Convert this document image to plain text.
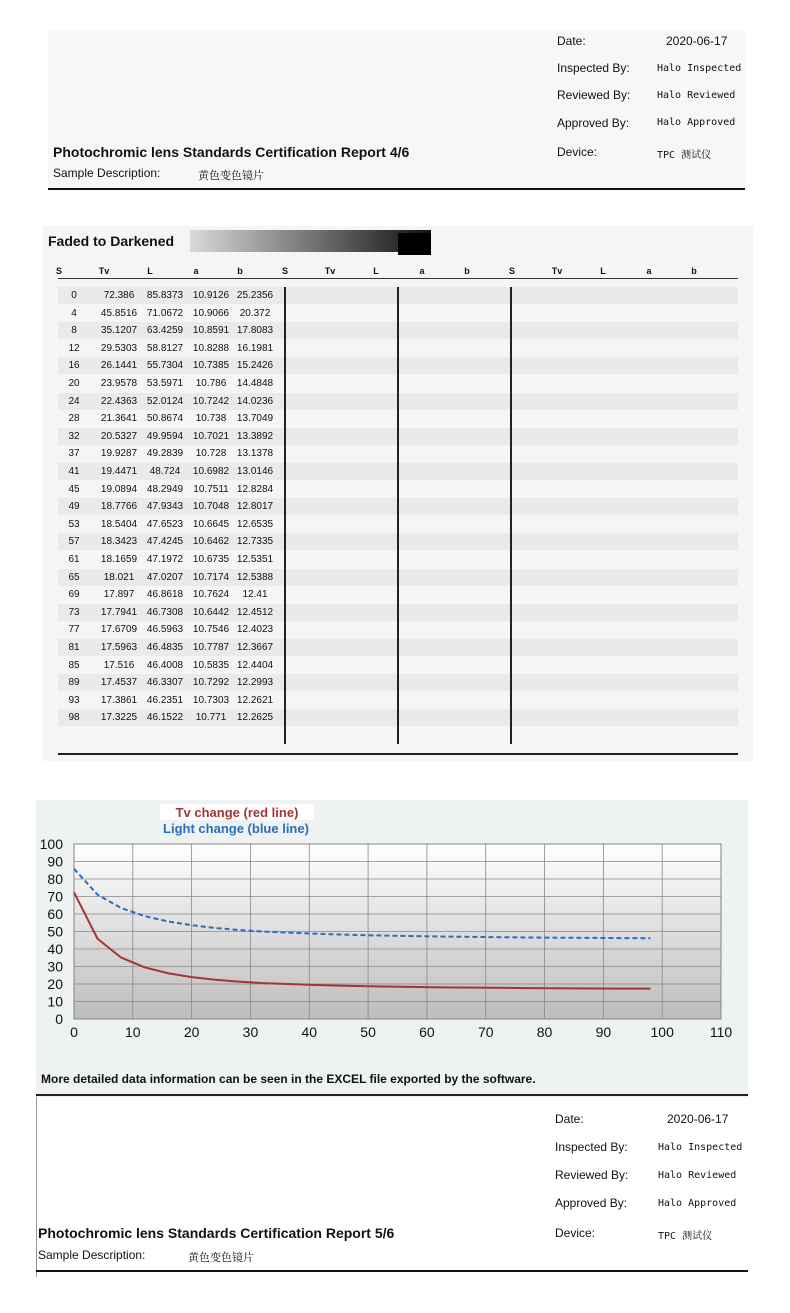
Photochromic lens Standards Certification Report 4/6
Sample Description:	黄色变色镜片
Date:	2020-06-17
Inspected By:	Halo Inspected
Reviewed By:	Halo Reviewed
Approved By:	Halo Approved
Device:	TPC 测试仪
Faded to Darkened
S	Tv	L	a	b	S	Tv	L	a	b	S	Tv	L	a	b
0	72.386	85.8373 10.9126 25.2356
4	45.8516 71.0672 10.9066	20.372
8	35.1207 63.4259 10.8591 17.8083
12	29.5303 58.8127 10.8288 16.1981
16	26.1441 55.7304 10.7385 15.2426
20	23.9578 53.5971	10.786	14.4848
24	22.4363 52.0124 10.7242 14.0236
28	21.3641 50.8674	10.738	13.7049
32	20.5327 49.9594 10.7021 13.3892
37	19.9287 49.2839	10.728	13.1378
41	19.4471	48.724	10.6982 13.0146
45	19.0894 48.2949	10.7511 12.8284
49	18.7766 47.9343 10.7048 12.8017
53	18.5404 47.6523 10.6645 12.6535
57	18.3423 47.4245 10.6462 12.7335
61	18.1659 47.1972 10.6735 12.5351
65	18.021	47.0207 10.7174 12.5388
69	17.897	46.8618 10.7624	12.41
73	17.7941 46.7308 10.6442 12.4512
77	17.6709 46.5963 10.7546 12.4023
81	17.5963 46.4835 10.7787 12.3667
85	17.516	46.4008 10.5835 12.4404
89	17.4537 46.3307 10.7292 12.2993
93	17.3861 46.2351 10.7303 12.2621
98	17.3225 46.1522	10.771	12.2625
0
10
20
30
40
50
60
70
80
90
100
0	10	20	30	40	50	60	70	80	90	100	110
Tv change (red line)
Light change (blue line)
More detailed data information can be seen in the EXCEL file exported by the software.
Photochromic lens Standards Certification Report 5/6
Sample Description:	黄色变色镜片
Date:	2020-06-17
Inspected By:	Halo Inspected
Reviewed By:	Halo Reviewed
Approved By:	Halo Approved
Device:	TPC 测试仪
